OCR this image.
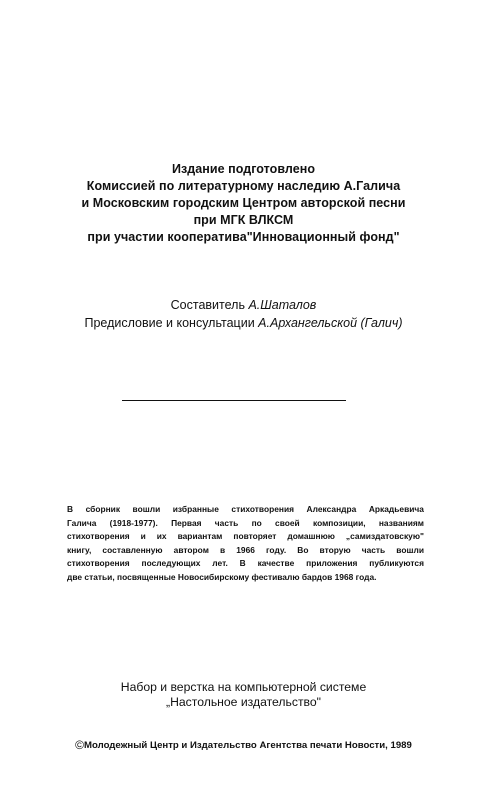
Издание подготовлено
Комиссией по литературному наследию А.Галича
и Московским городским Центром авторской песни
при МГК ВЛКСМ
при участии кооператива"Инновационный фонд"
Составитель А.Шаталов
Предисловие и консультации А.Архангельской (Галич)
В сборник вошли избранные стихотворения Александра Аркадьевича
Галича (1918-1977). Первая часть по своей композиции, названиям
стихотворения и их вариантам повторяет домашнюю „самиздатовскую"
книгу, составленную автором в 1966 году. Во вторую часть вошли
стихотворения последующих лет. В качестве приложения публикуются
две статьи, посвященные Новосибирскому фестивалю бардов 1968 года.
Набор и верстка на компьютерной системе
„Настольное издательство"
©Молодежный Центр и Издательство Агентства печати Новости, 1989
